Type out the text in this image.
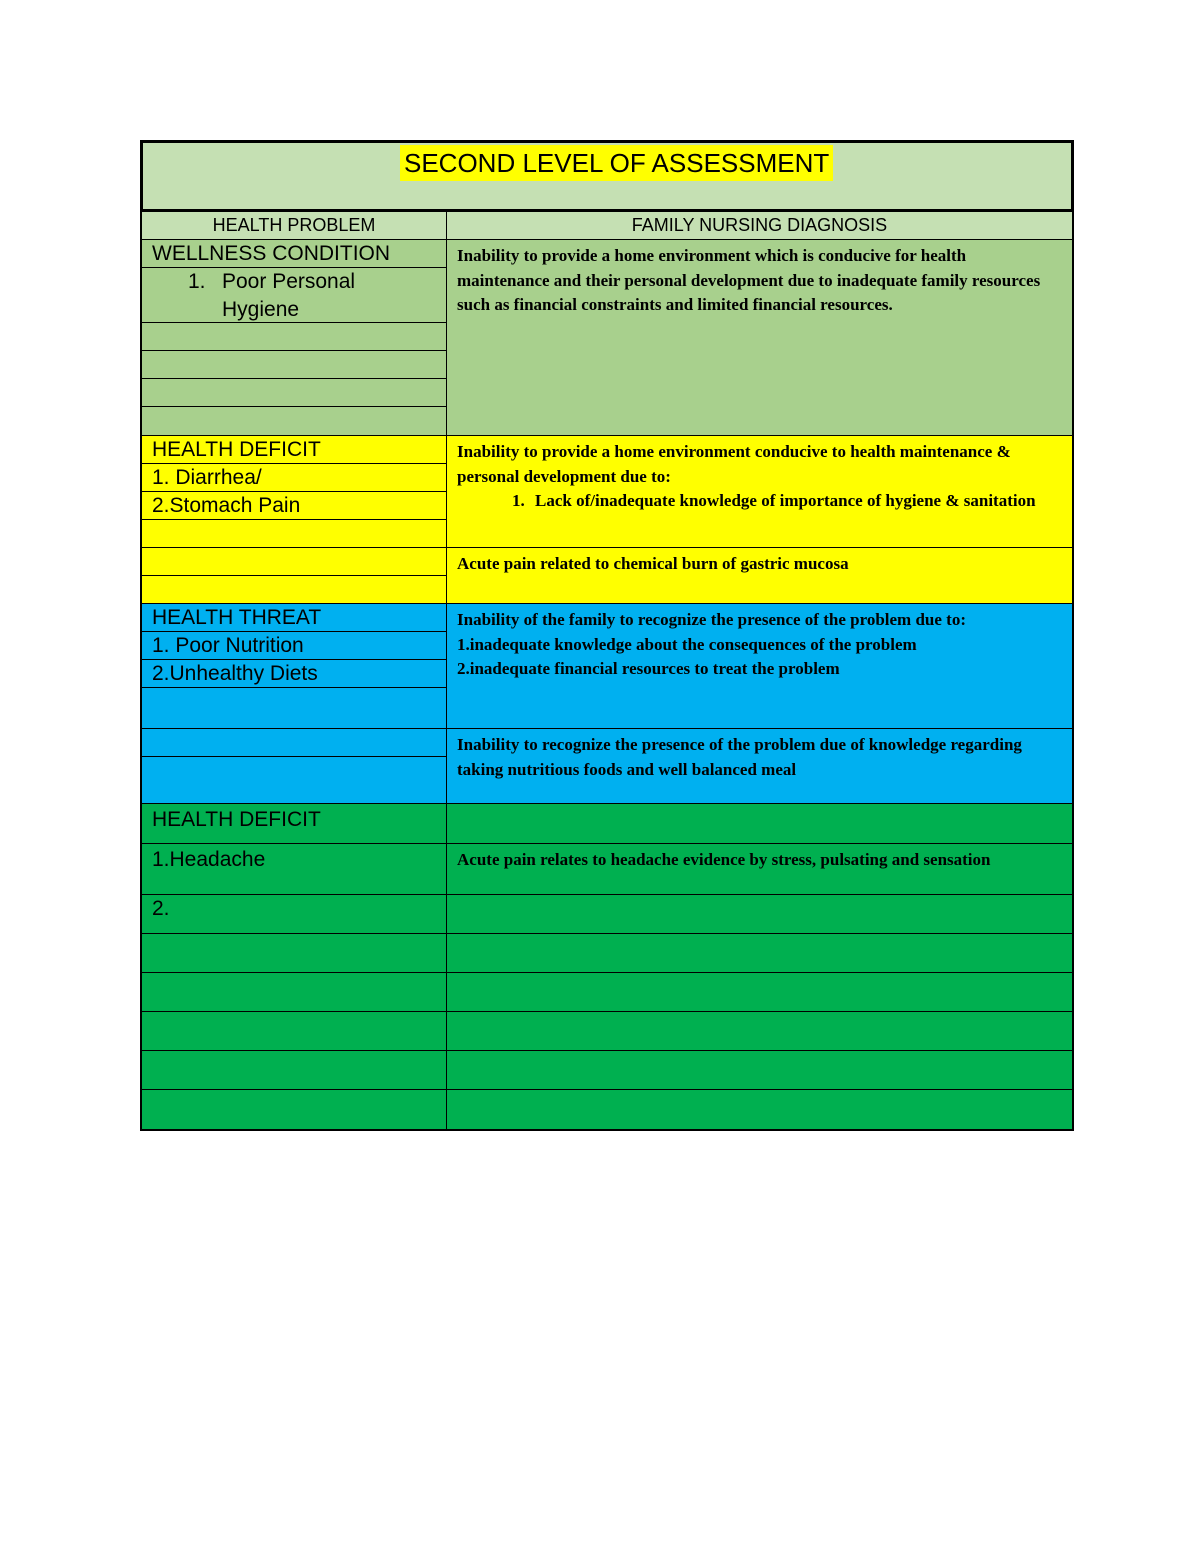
SECOND LEVEL OF ASSESSMENT
HEALTH PROBLEM	FAMILY NURSING DIAGNOSIS
WELLNESS CONDITION
1. Poor Personal
Hygiene
Inability to provide a home environment which is conducive for health maintenance and their personal development due to inadequate family resources such as financial constraints and limited financial resources.
HEALTH DEFICIT
1. Diarrhea/
2.Stomach Pain
Inability to provide a home environment conducive to health maintenance & personal development due to:
1. Lack of/inadequate knowledge of importance of hygiene & sanitation
Acute pain related to chemical burn of gastric mucosa
HEALTH THREAT
1. Poor Nutrition
2.Unhealthy Diets
Inability of the family to recognize the presence of the problem due to:
1.inadequate knowledge about the consequences of the problem
2.inadequate financial resources to treat the problem
Inability to recognize the presence of the problem due of knowledge regarding taking nutritious foods and well balanced meal
HEALTH DEFICIT
1.Headache	Acute pain relates to headache evidence by stress, pulsating and sensation
2.
